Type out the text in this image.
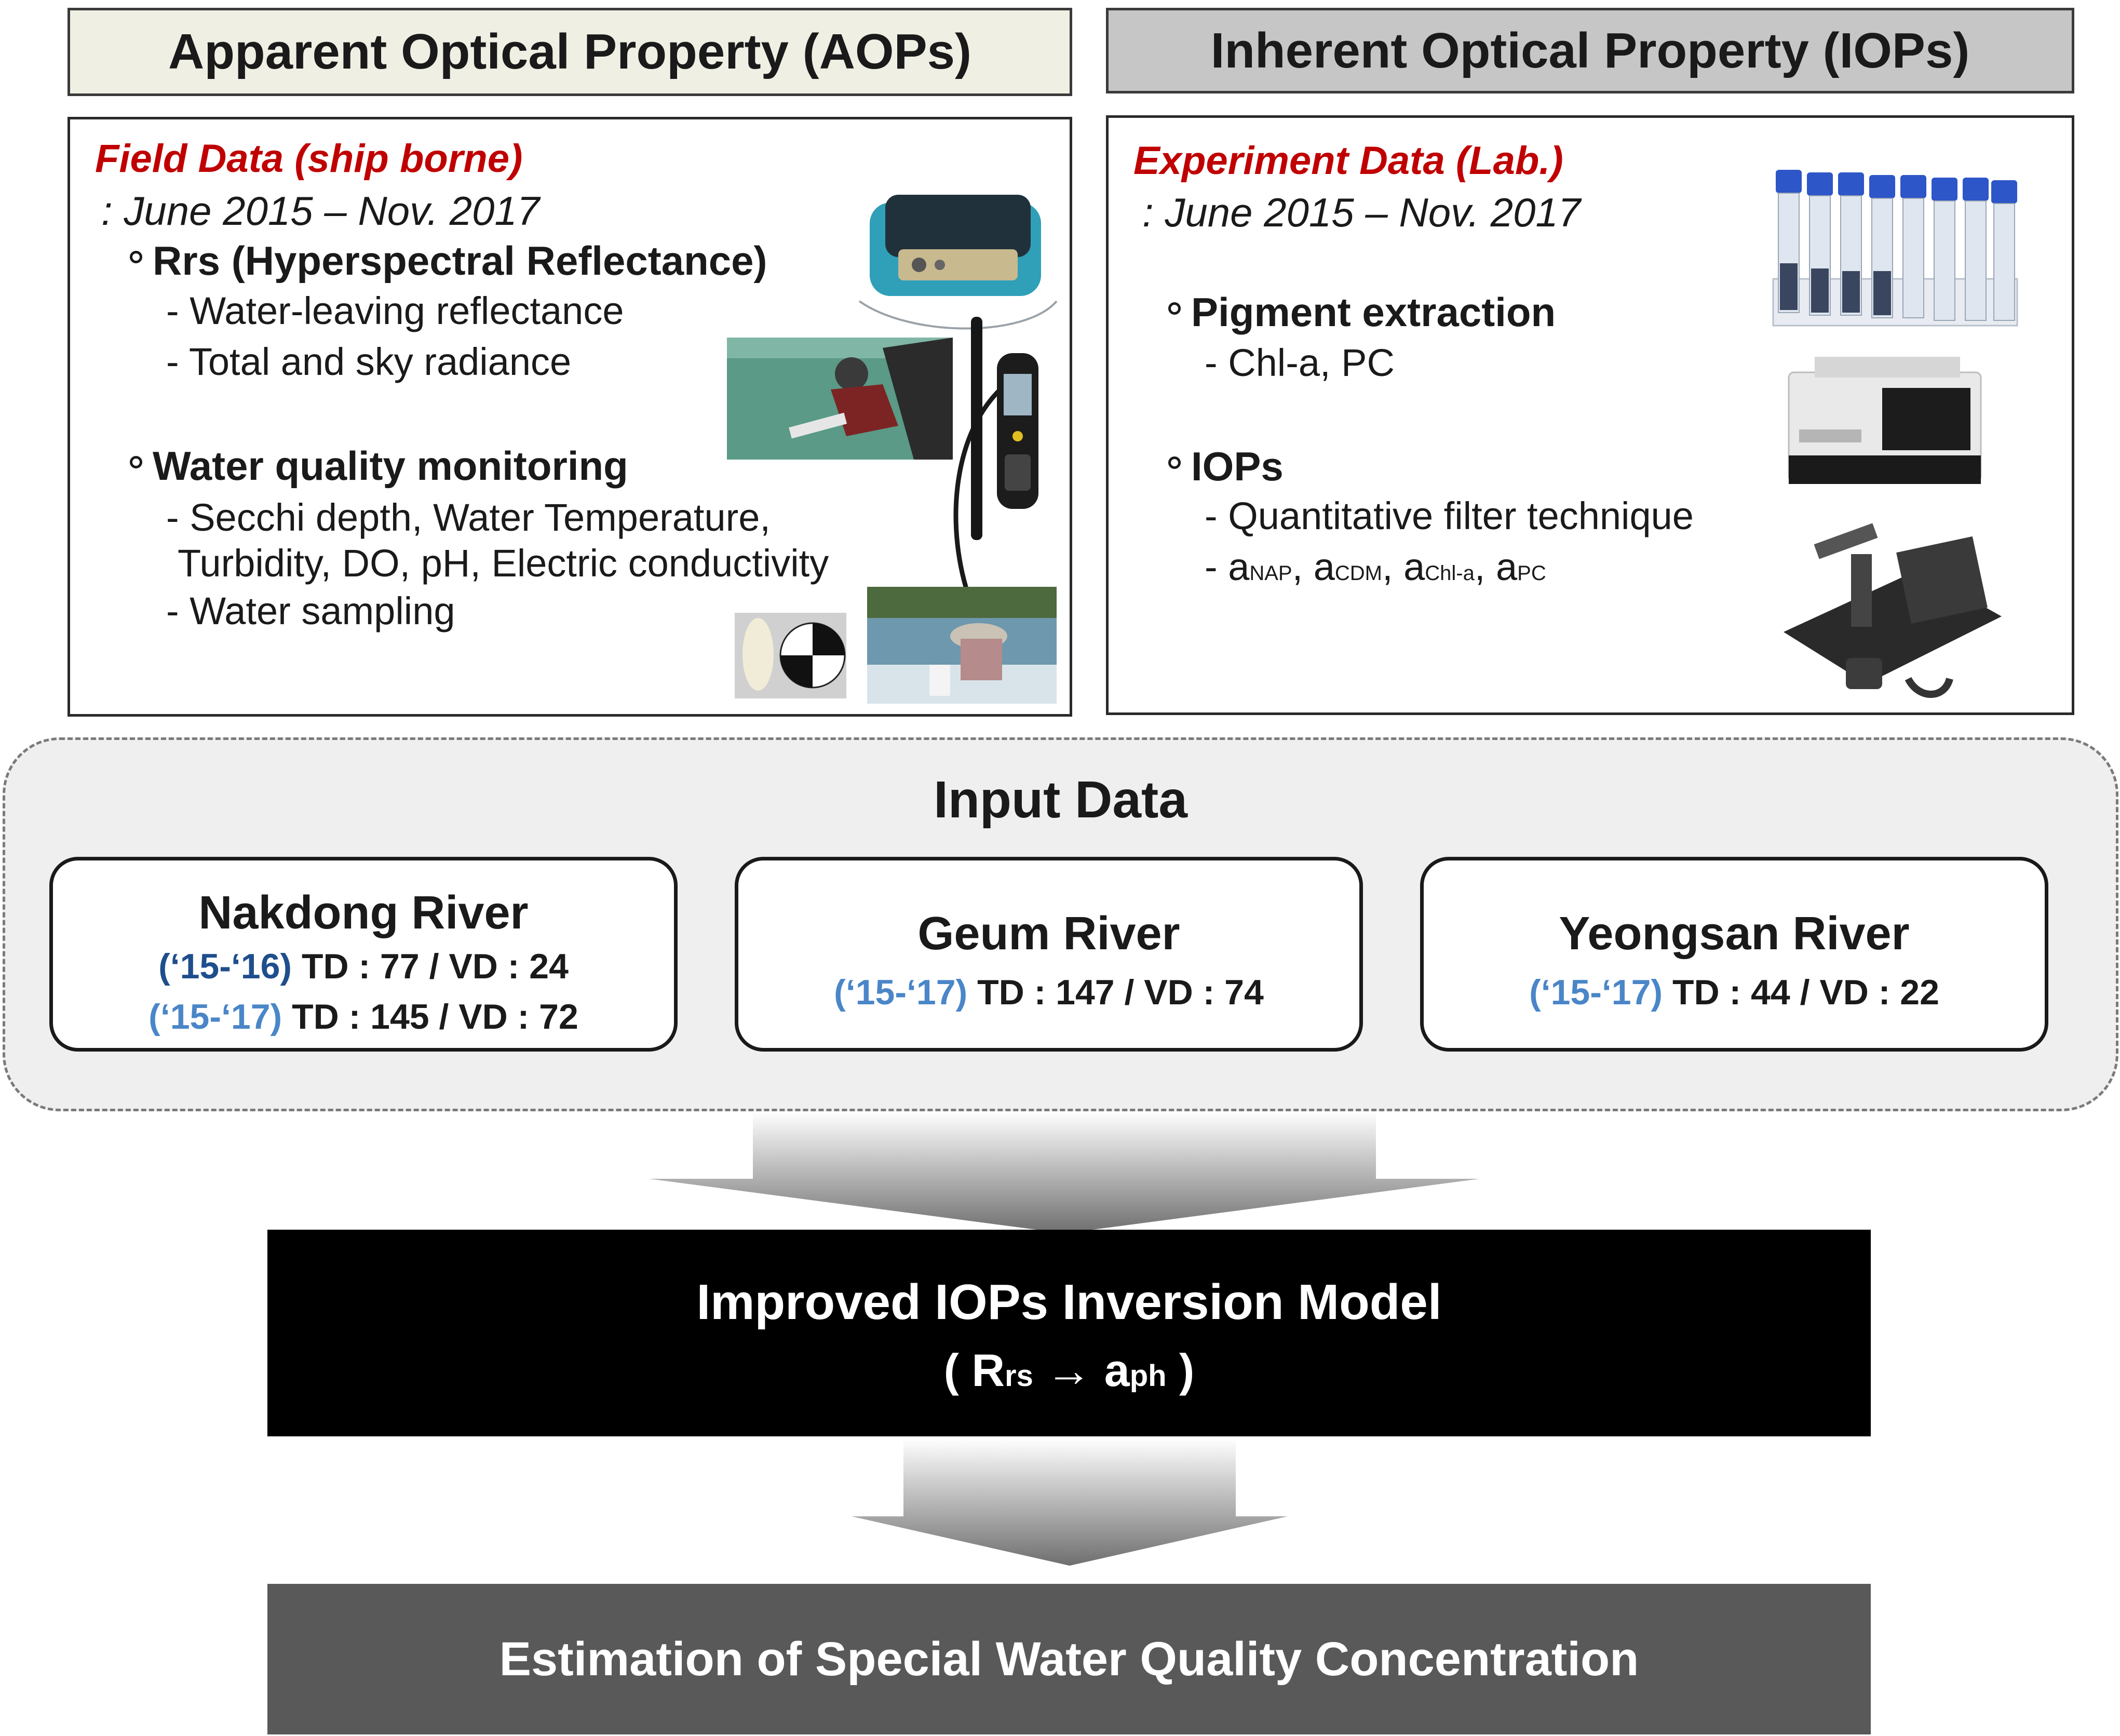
Apparent Optical Property (AOPs)	Inherent Optical Property (IOPs)
Field Data (ship borne)
: June 2015 – Nov. 2017
Rrs (Hyperspectral Reflectance)
- Water-leaving reflectance
- Total and sky radiance
Water quality monitoring
- Secchi depth, Water Temperature,
Turbidity, DO, pH, Electric conductivity
- Water sampling
Experiment Data (Lab.)
: June 2015 – Nov. 2017
Pigment extraction
- Chl-a, PC
IOPs
- Quantitative filter technique
- aNAP, aCDM, aChl-a, aPC
Input Data
Nakdong River
(‘15-‘16) TD : 77 / VD : 24
(‘15-‘17) TD : 145 / VD : 72
Geum River
(‘15-‘17) TD : 147 / VD : 74
Yeongsan River
(‘15-‘17) TD : 44 / VD : 22
Improved IOPs Inversion Model
( Rrs → aph )
Estimation of Special Water Quality Concentration
